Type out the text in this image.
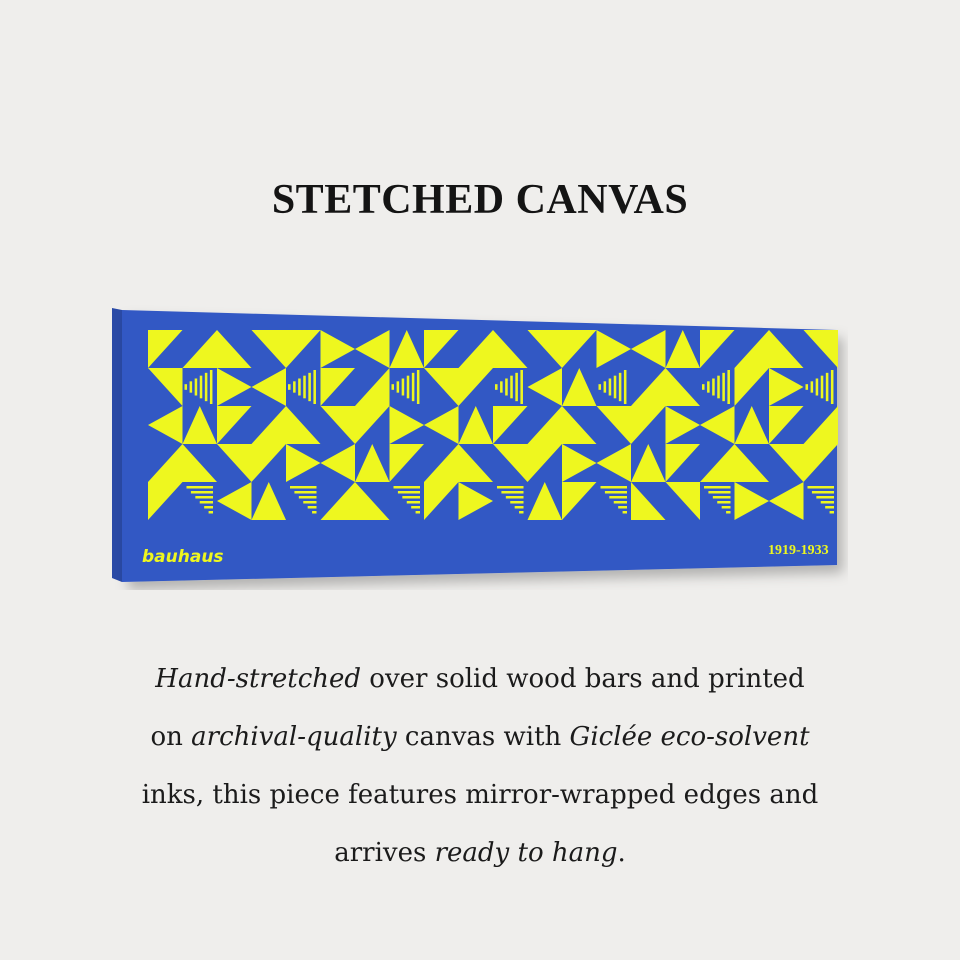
STETCHED CANVAS
bauhaus	1919-1933
Hand-stretched over solid wood bars and printed
on archival-quality canvas with Giclée eco-solvent
inks, this piece features mirror-wrapped edges and
arrives ready to hang.
